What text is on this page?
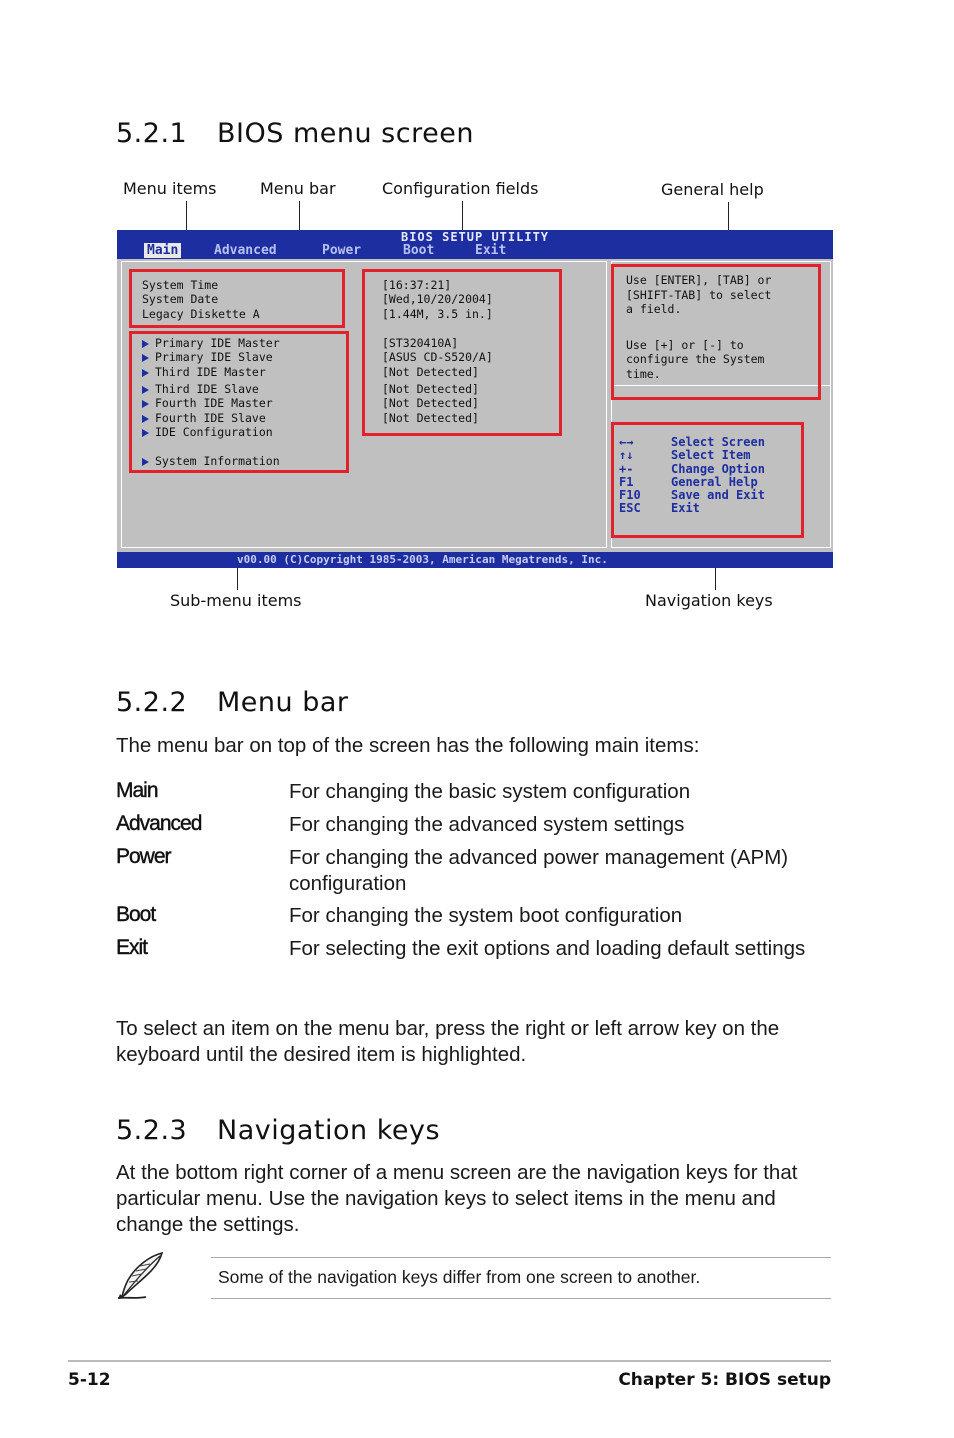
5.2.1 BIOS menu screen
Menu items	Menu bar	Configuration fields	General help
BIOS SETUP UTILITY
Main	Advanced	Power	Boot	Exit
System Time
System Date
Legacy Diskette A
Primary IDE Master
Primary IDE Slave
Third IDE Master
Third IDE Slave
Fourth IDE Master
Fourth IDE Slave
IDE Configuration
System Information
[16:37:21]
[Wed,10/20/2004]
[1.44M, 3.5 in.]
[ST320410A]
[ASUS CD-S520/A]
[Not Detected]
[Not Detected]
[Not Detected]
[Not Detected]
Use [ENTER], [TAB] or
[SHIFT-TAB] to select
a field.
Use [+] or [-] to
configure the System
time.
←→	Select Screen
↑↓	Select Item
+-	Change Option
F1	General Help
F10	Save and Exit
ESC	Exit
v00.00 (C)Copyright 1985-2003, American Megatrends, Inc.
Sub-menu items	Navigation keys
5.2.2 Menu bar
The menu bar on top of the screen has the following main items:
Main	For changing the basic system configuration
Advanced	For changing the advanced system settings
Power	For changing the advanced power management (APM) configuration
Boot	For changing the system boot configuration
Exit	For selecting the exit options and loading default settings
To select an item on the menu bar, press the right or left arrow key on the keyboard until the desired item is highlighted.
5.2.3 Navigation keys
At the bottom right corner of a menu screen are the navigation keys for that particular menu. Use the navigation keys to select items in the menu and change the settings.
Some of the navigation keys differ from one screen to another.
5-12	Chapter 5: BIOS setup
